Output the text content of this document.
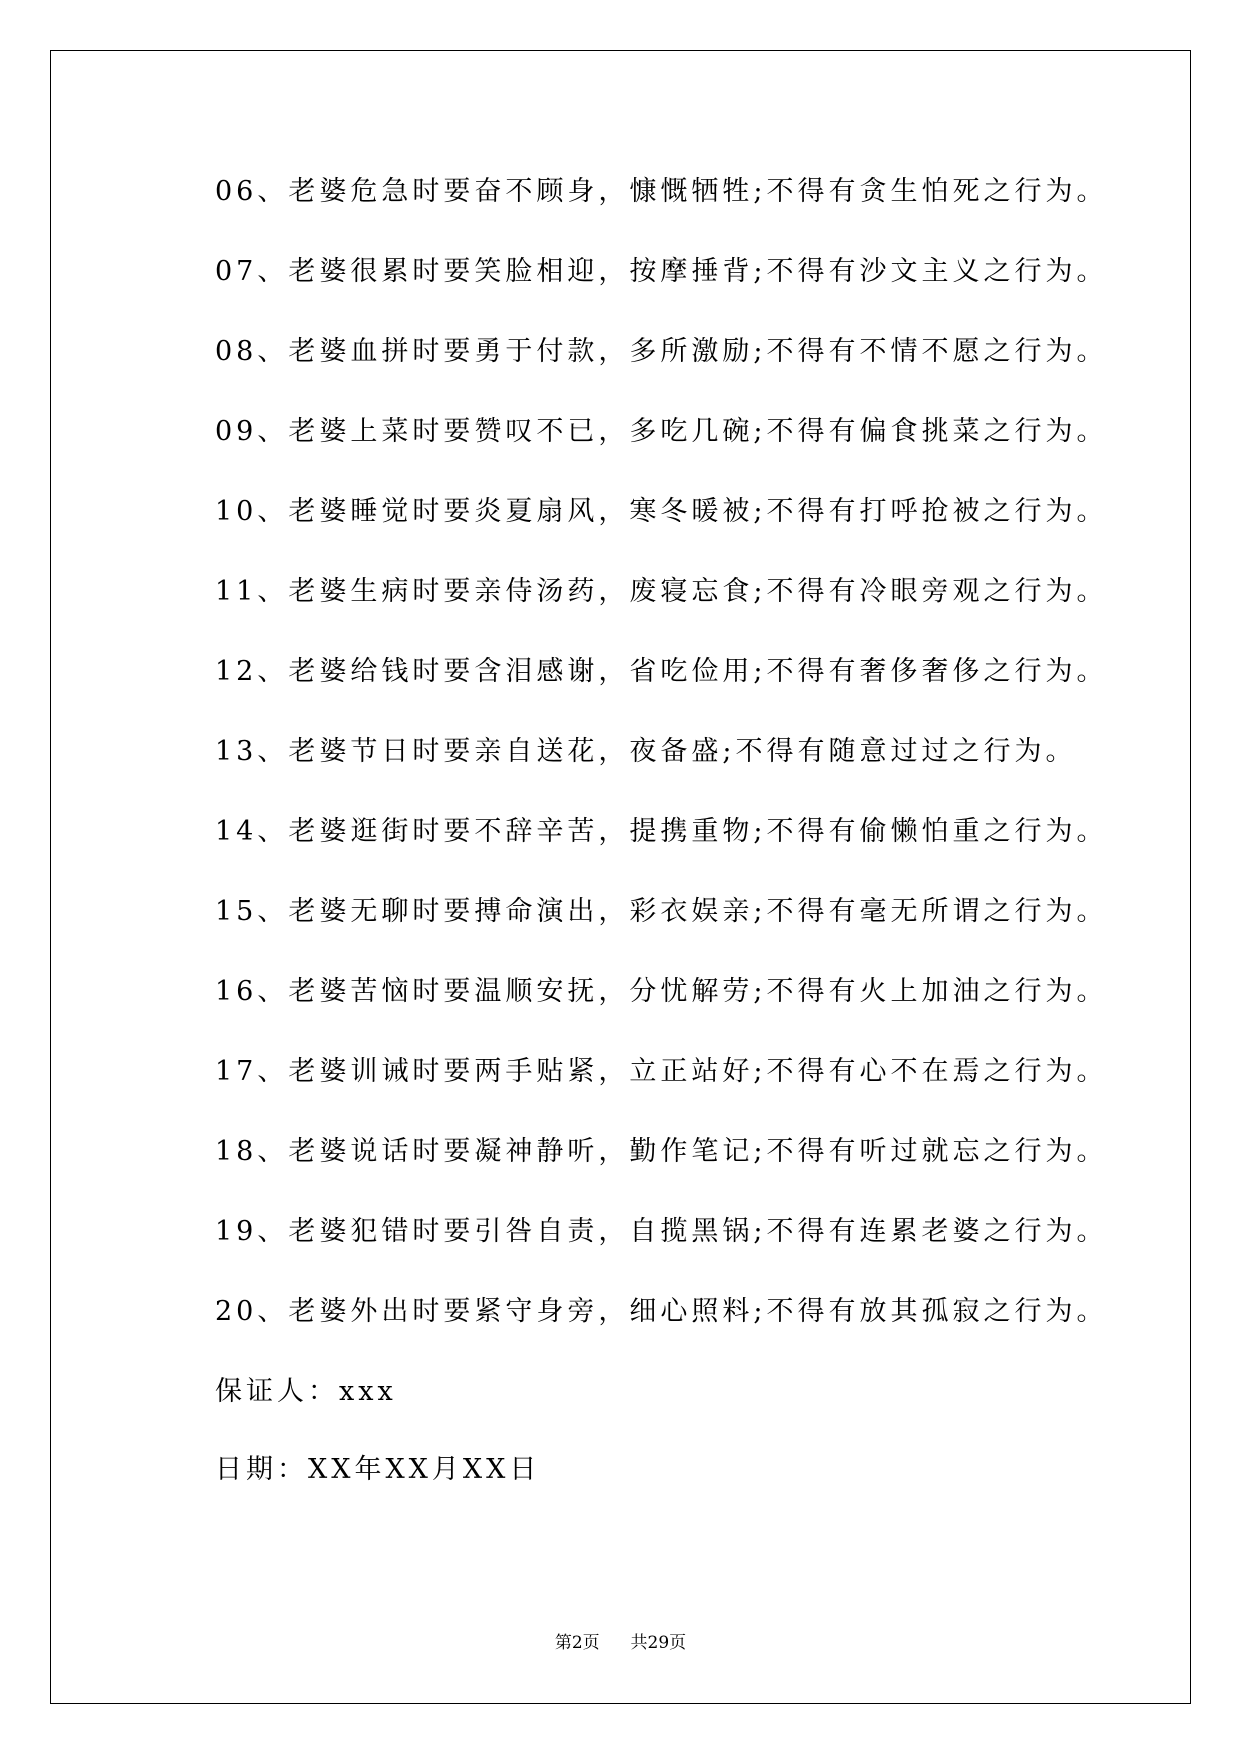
06、老婆危急时要奋不顾身，慷慨牺牲;不得有贪生怕死之行为。
07、老婆很累时要笑脸相迎，按摩捶背;不得有沙文主义之行为。
08、老婆血拼时要勇于付款，多所激励;不得有不情不愿之行为。
09、老婆上菜时要赞叹不已，多吃几碗;不得有偏食挑菜之行为。
10、老婆睡觉时要炎夏扇风，寒冬暖被;不得有打呼抢被之行为。
11、老婆生病时要亲侍汤药，废寝忘食;不得有冷眼旁观之行为。
12、老婆给钱时要含泪感谢，省吃俭用;不得有奢侈奢侈之行为。
13、老婆节日时要亲自送花，夜备盛;不得有随意过过之行为。
14、老婆逛街时要不辞辛苦，提携重物;不得有偷懒怕重之行为。
15、老婆无聊时要搏命演出，彩衣娱亲;不得有毫无所谓之行为。
16、老婆苦恼时要温顺安抚，分忧解劳;不得有火上加油之行为。
17、老婆训诫时要两手贴紧，立正站好;不得有心不在焉之行为。
18、老婆说话时要凝神静听，勤作笔记;不得有听过就忘之行为。
19、老婆犯错时要引咎自责，自揽黑锅;不得有连累老婆之行为。
20、老婆外出时要紧守身旁，细心照料;不得有放其孤寂之行为。
保证人：xxx
日期：XX年XX月XX日
第2页 共29页
